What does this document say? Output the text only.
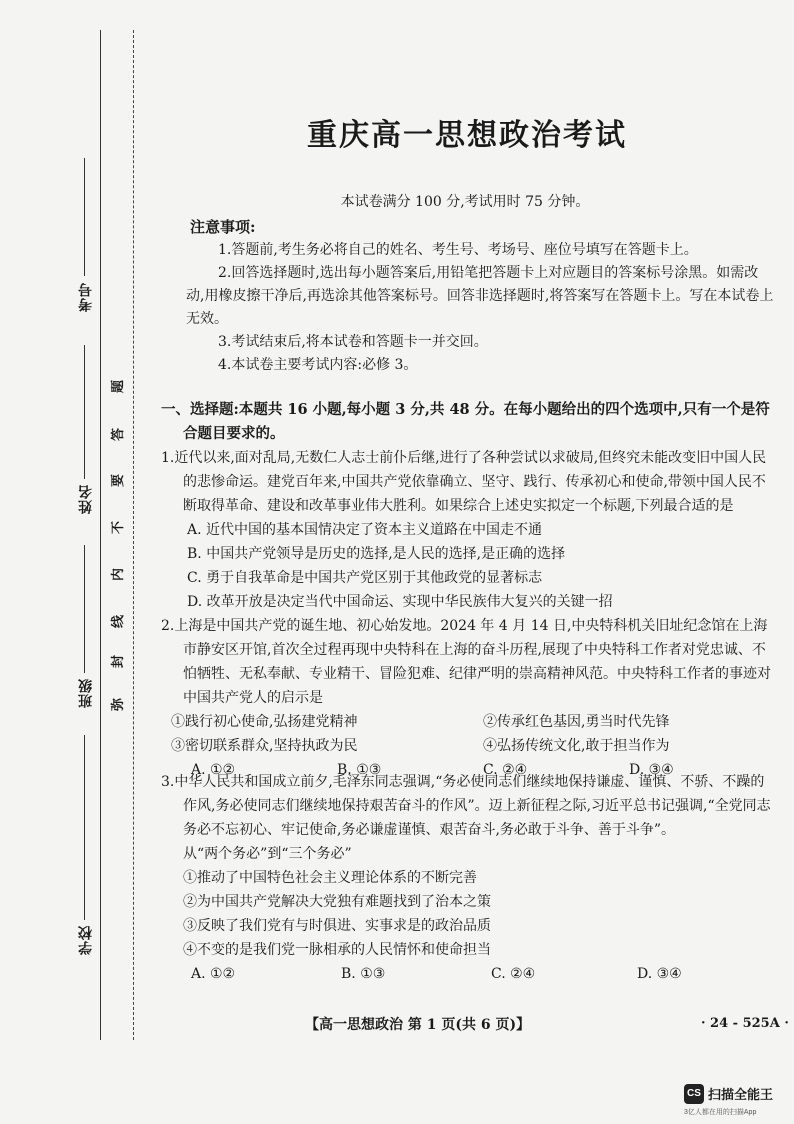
考号
姓名
班级
学校
题
答
要
不
内
线
封
弥
重庆高一思想政治考试
本试卷满分 100 分,考试用时 75 分钟。
注意事项:

1.答题前,考生务必将自己的姓名、考生号、考场号、座位号填写在答题卡上。

2.回答选择题时,选出每小题答案后,用铅笔把答题卡上对应题目的答案标号涂黑。如需改动,用橡皮擦干净后,再选涂其他答案标号。回答非选择题时,将答案写在答题卡上。写在本试卷上无效。

3.考试结束后,将本试卷和答题卡一并交回。

4.本试卷主要考试内容:必修 3。

一、选择题:本题共 16 小题,每小题 3 分,共 48 分。在每小题给出的四个选项中,只有一个是符
合题目要求的。

1.近代以来,面对乱局,无数仁人志士前仆后继,进行了各种尝试以求破局,但终究未能改变旧中国人民的悲惨命运。建党百年来,中国共产党依靠确立、坚守、践行、传承初心和使命,带领中国人民不断取得革命、建设和改革事业伟大胜利。如果综合上述史实拟定一个标题,下列最合适的是

A. 近代中国的基本国情决定了资本主义道路在中国走不通

B. 中国共产党领导是历史的选择,是人民的选择,是正确的选择

C. 勇于自我革命是中国共产党区别于其他政党的显著标志

D. 改革开放是决定当代中国命运、实现中华民族伟大复兴的关键一招

2.上海是中国共产党的诞生地、初心始发地。2024 年 4 月 14 日,中央特科机关旧址纪念馆在上海市静安区开馆,首次全过程再现中央特科在上海的奋斗历程,展现了中央特科工作者对党忠诚、不怕牺牲、无私奉献、专业精干、冒险犯难、纪律严明的崇高精神风范。中央特科工作者的事迹对中国共产党人的启示是

①践行初心使命,弘扬建党精神	②传承红色基因,勇当时代先锋
③密切联系群众,坚持执政为民	④弘扬传统文化,敢于担当作为
A. ①②	B. ①③	C. ②④	D. ③④

3.中华人民共和国成立前夕,毛泽东同志强调,“务必使同志们继续地保持谦虚、谨慎、不骄、不躁的作风,务必使同志们继续地保持艰苦奋斗的作风”。迈上新征程之际,习近平总书记强调,“全党同志务必不忘初心、牢记使命,务必谦虚谨慎、艰苦奋斗,务必敢于斗争、善于斗争”。

从“两个务必”到“三个务必”

①推动了中国特色社会主义理论体系的不断完善

②为中国共产党解决大党独有难题找到了治本之策

③反映了我们党有与时俱进、实事求是的政治品质

④不变的是我们党一脉相承的人民情怀和使命担当

A. ①②	B. ①③	C. ②④	D. ③④
【高一思想政治 第 1 页(共 6 页)】	· 24 - 525A ·
CS 扫描全能王
3亿人都在用的扫描App
